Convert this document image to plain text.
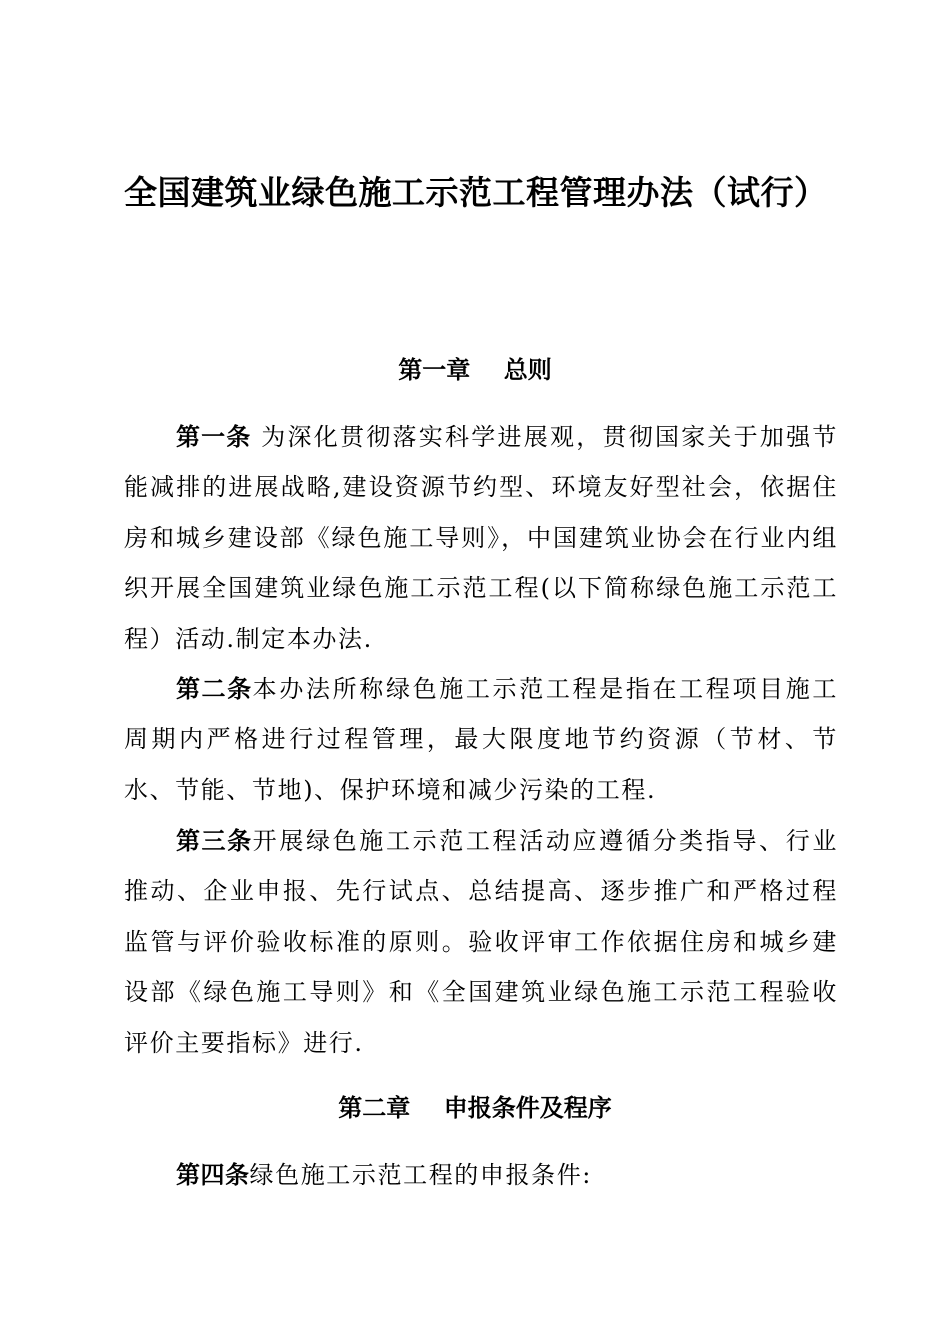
全国建筑业绿色施工示范工程管理办法（试行）
第一章    总则

第一条 为深化贯彻落实科学进展观，贯彻国家关于加强节能减排的进展战略,建设资源节约型、环境友好型社会，依据住房和城乡建设部《绿色施工导则》，中国建筑业协会在行业内组织开展全国建筑业绿色施工示范工程(以下简称绿色施工示范工程）活动.制定本办法.

第二条本办法所称绿色施工示范工程是指在工程项目施工周期内严格进行过程管理，最大限度地节约资源（节材、节水、节能、节地)、保护环境和减少污染的工程.

第三条开展绿色施工示范工程活动应遵循分类指导、行业推动、企业申报、先行试点、总结提高、逐步推广和严格过程监管与评价验收标准的原则。验收评审工作依据住房和城乡建设部《绿色施工导则》和《全国建筑业绿色施工示范工程验收评价主要指标》进行.

第二章    申报条件及程序

第四条绿色施工示范工程的申报条件:
